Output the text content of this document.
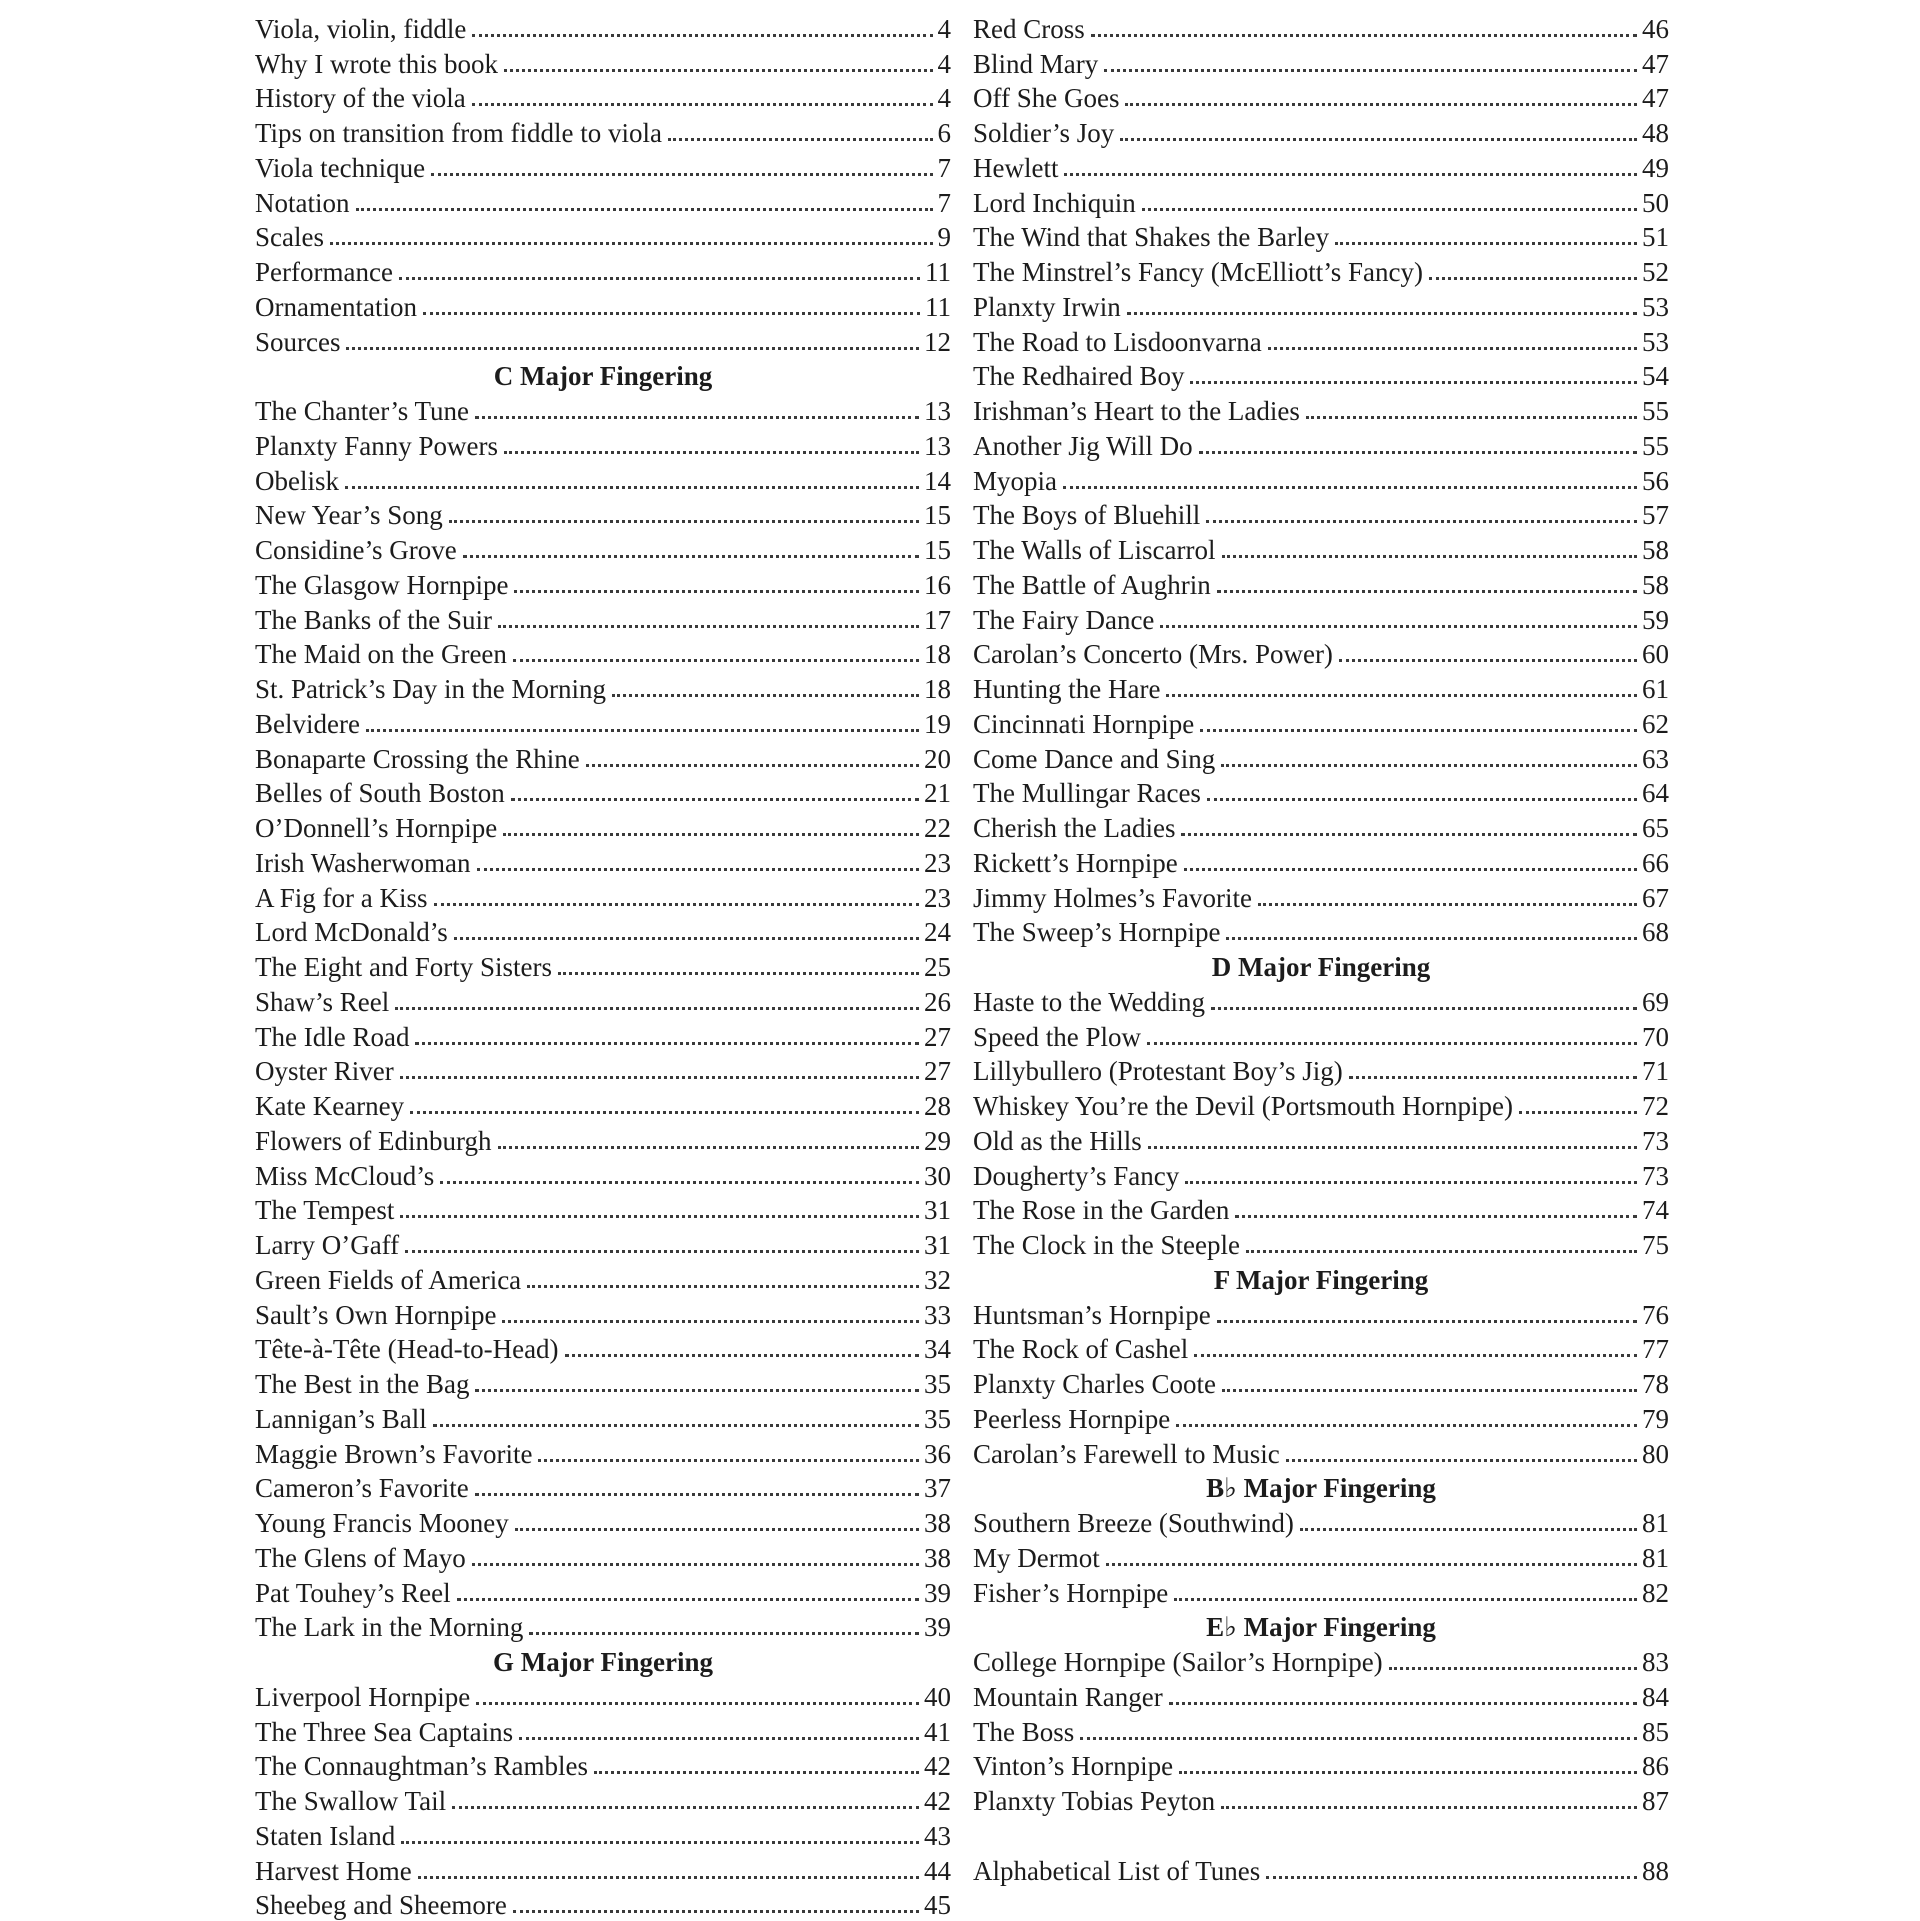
Viola, violin, fiddle	4
Why I wrote this book	4
History of the viola	4
Tips on transition from fiddle to viola	6
Viola technique	7
Notation	7
Scales	9
Performance	11
Ornamentation	11
Sources	12
C Major Fingering
The Chanter’s Tune	13
Planxty Fanny Powers	13
Obelisk	14
New Year’s Song	15
Considine’s Grove	15
The Glasgow Hornpipe	16
The Banks of the Suir	17
The Maid on the Green	18
St. Patrick’s Day in the Morning	18
Belvidere	19
Bonaparte Crossing the Rhine	20
Belles of South Boston	21
O’Donnell’s Hornpipe	22
Irish Washerwoman	23
A Fig for a Kiss	23
Lord McDonald’s	24
The Eight and Forty Sisters	25
Shaw’s Reel	26
The Idle Road	27
Oyster River	27
Kate Kearney	28
Flowers of Edinburgh	29
Miss McCloud’s	30
The Tempest	31
Larry O’Gaff	31
Green Fields of America	32
Sault’s Own Hornpipe	33
Tête-à-Tête (Head-to-Head)	34
The Best in the Bag	35
Lannigan’s Ball	35
Maggie Brown’s Favorite	36
Cameron’s Favorite	37
Young Francis Mooney	38
The Glens of Mayo	38
Pat Touhey’s Reel	39
The Lark in the Morning	39
G Major Fingering
Liverpool Hornpipe	40
The Three Sea Captains	41
The Connaughtman’s Rambles	42
The Swallow Tail	42
Staten Island	43
Harvest Home	44
Sheebeg and Sheemore	45
Red Cross	46
Blind Mary	47
Off She Goes	47
Soldier’s Joy	48
Hewlett	49
Lord Inchiquin	50
The Wind that Shakes the Barley	51
The Minstrel’s Fancy (McElliott’s Fancy)	52
Planxty Irwin	53
The Road to Lisdoonvarna	53
The Redhaired Boy	54
Irishman’s Heart to the Ladies	55
Another Jig Will Do	55
Myopia	56
The Boys of Bluehill	57
The Walls of Liscarrol	58
The Battle of Aughrin	58
The Fairy Dance	59
Carolan’s Concerto (Mrs. Power)	60
Hunting the Hare	61
Cincinnati Hornpipe	62
Come Dance and Sing	63
The Mullingar Races	64
Cherish the Ladies	65
Rickett’s Hornpipe	66
Jimmy Holmes’s Favorite	67
The Sweep’s Hornpipe	68
D Major Fingering
Haste to the Wedding	69
Speed the Plow	70
Lillybullero (Protestant Boy’s Jig)	71
Whiskey You’re the Devil (Portsmouth Hornpipe)	72
Old as the Hills	73
Dougherty’s Fancy	73
The Rose in the Garden	74
The Clock in the Steeple	75
F Major Fingering
Huntsman’s Hornpipe	76
The Rock of Cashel	77
Planxty Charles Coote	78
Peerless Hornpipe	79
Carolan’s Farewell to Music	80
B♭ Major Fingering
Southern Breeze (Southwind)	81
My Dermot	81
Fisher’s Hornpipe	82
E♭ Major Fingering
College Hornpipe (Sailor’s Hornpipe)	83
Mountain Ranger	84
The Boss	85
Vinton’s Hornpipe	86
Planxty Tobias Peyton	87
Alphabetical List of Tunes	88
